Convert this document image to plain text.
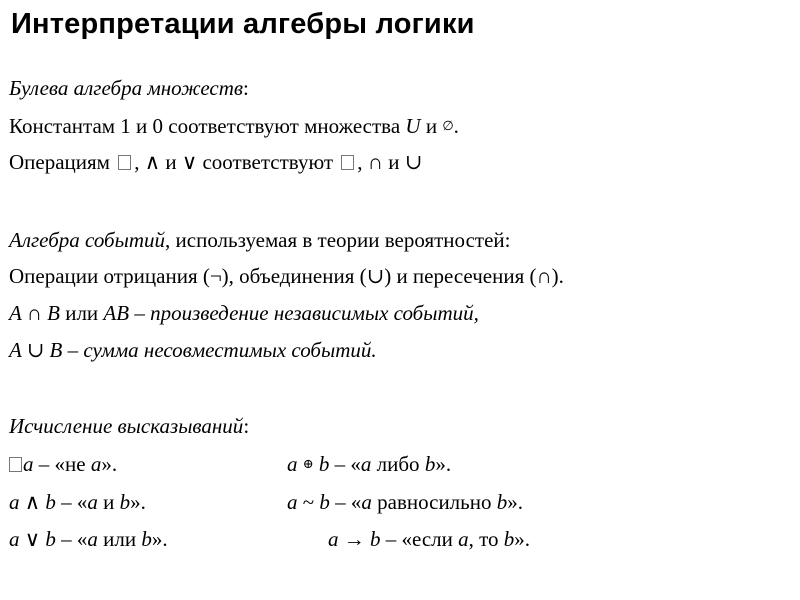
Интерпретации алгебры логики
Булева алгебра множеств:
Константам 1 и 0 соответствуют множества U и ∅.
Операциям , ∧ и ∨ соответствуют , ∩ и ∪
Алгебра событий, используемая в теории вероятностей:
Операции отрицания (¬), объединения (∪) и пересечения (∩).
A ∩ B или AB – произведение независимых событий,
A ∪ B – сумма несовместимых событий.
Исчисление высказываний:
a – «не a».	a ⊕ b – «a либо b».
a ∧ b – «a и b».	a ~ b – «a равносильно b».
a ∨ b – «a или b».	a → b – «если a, то b».
